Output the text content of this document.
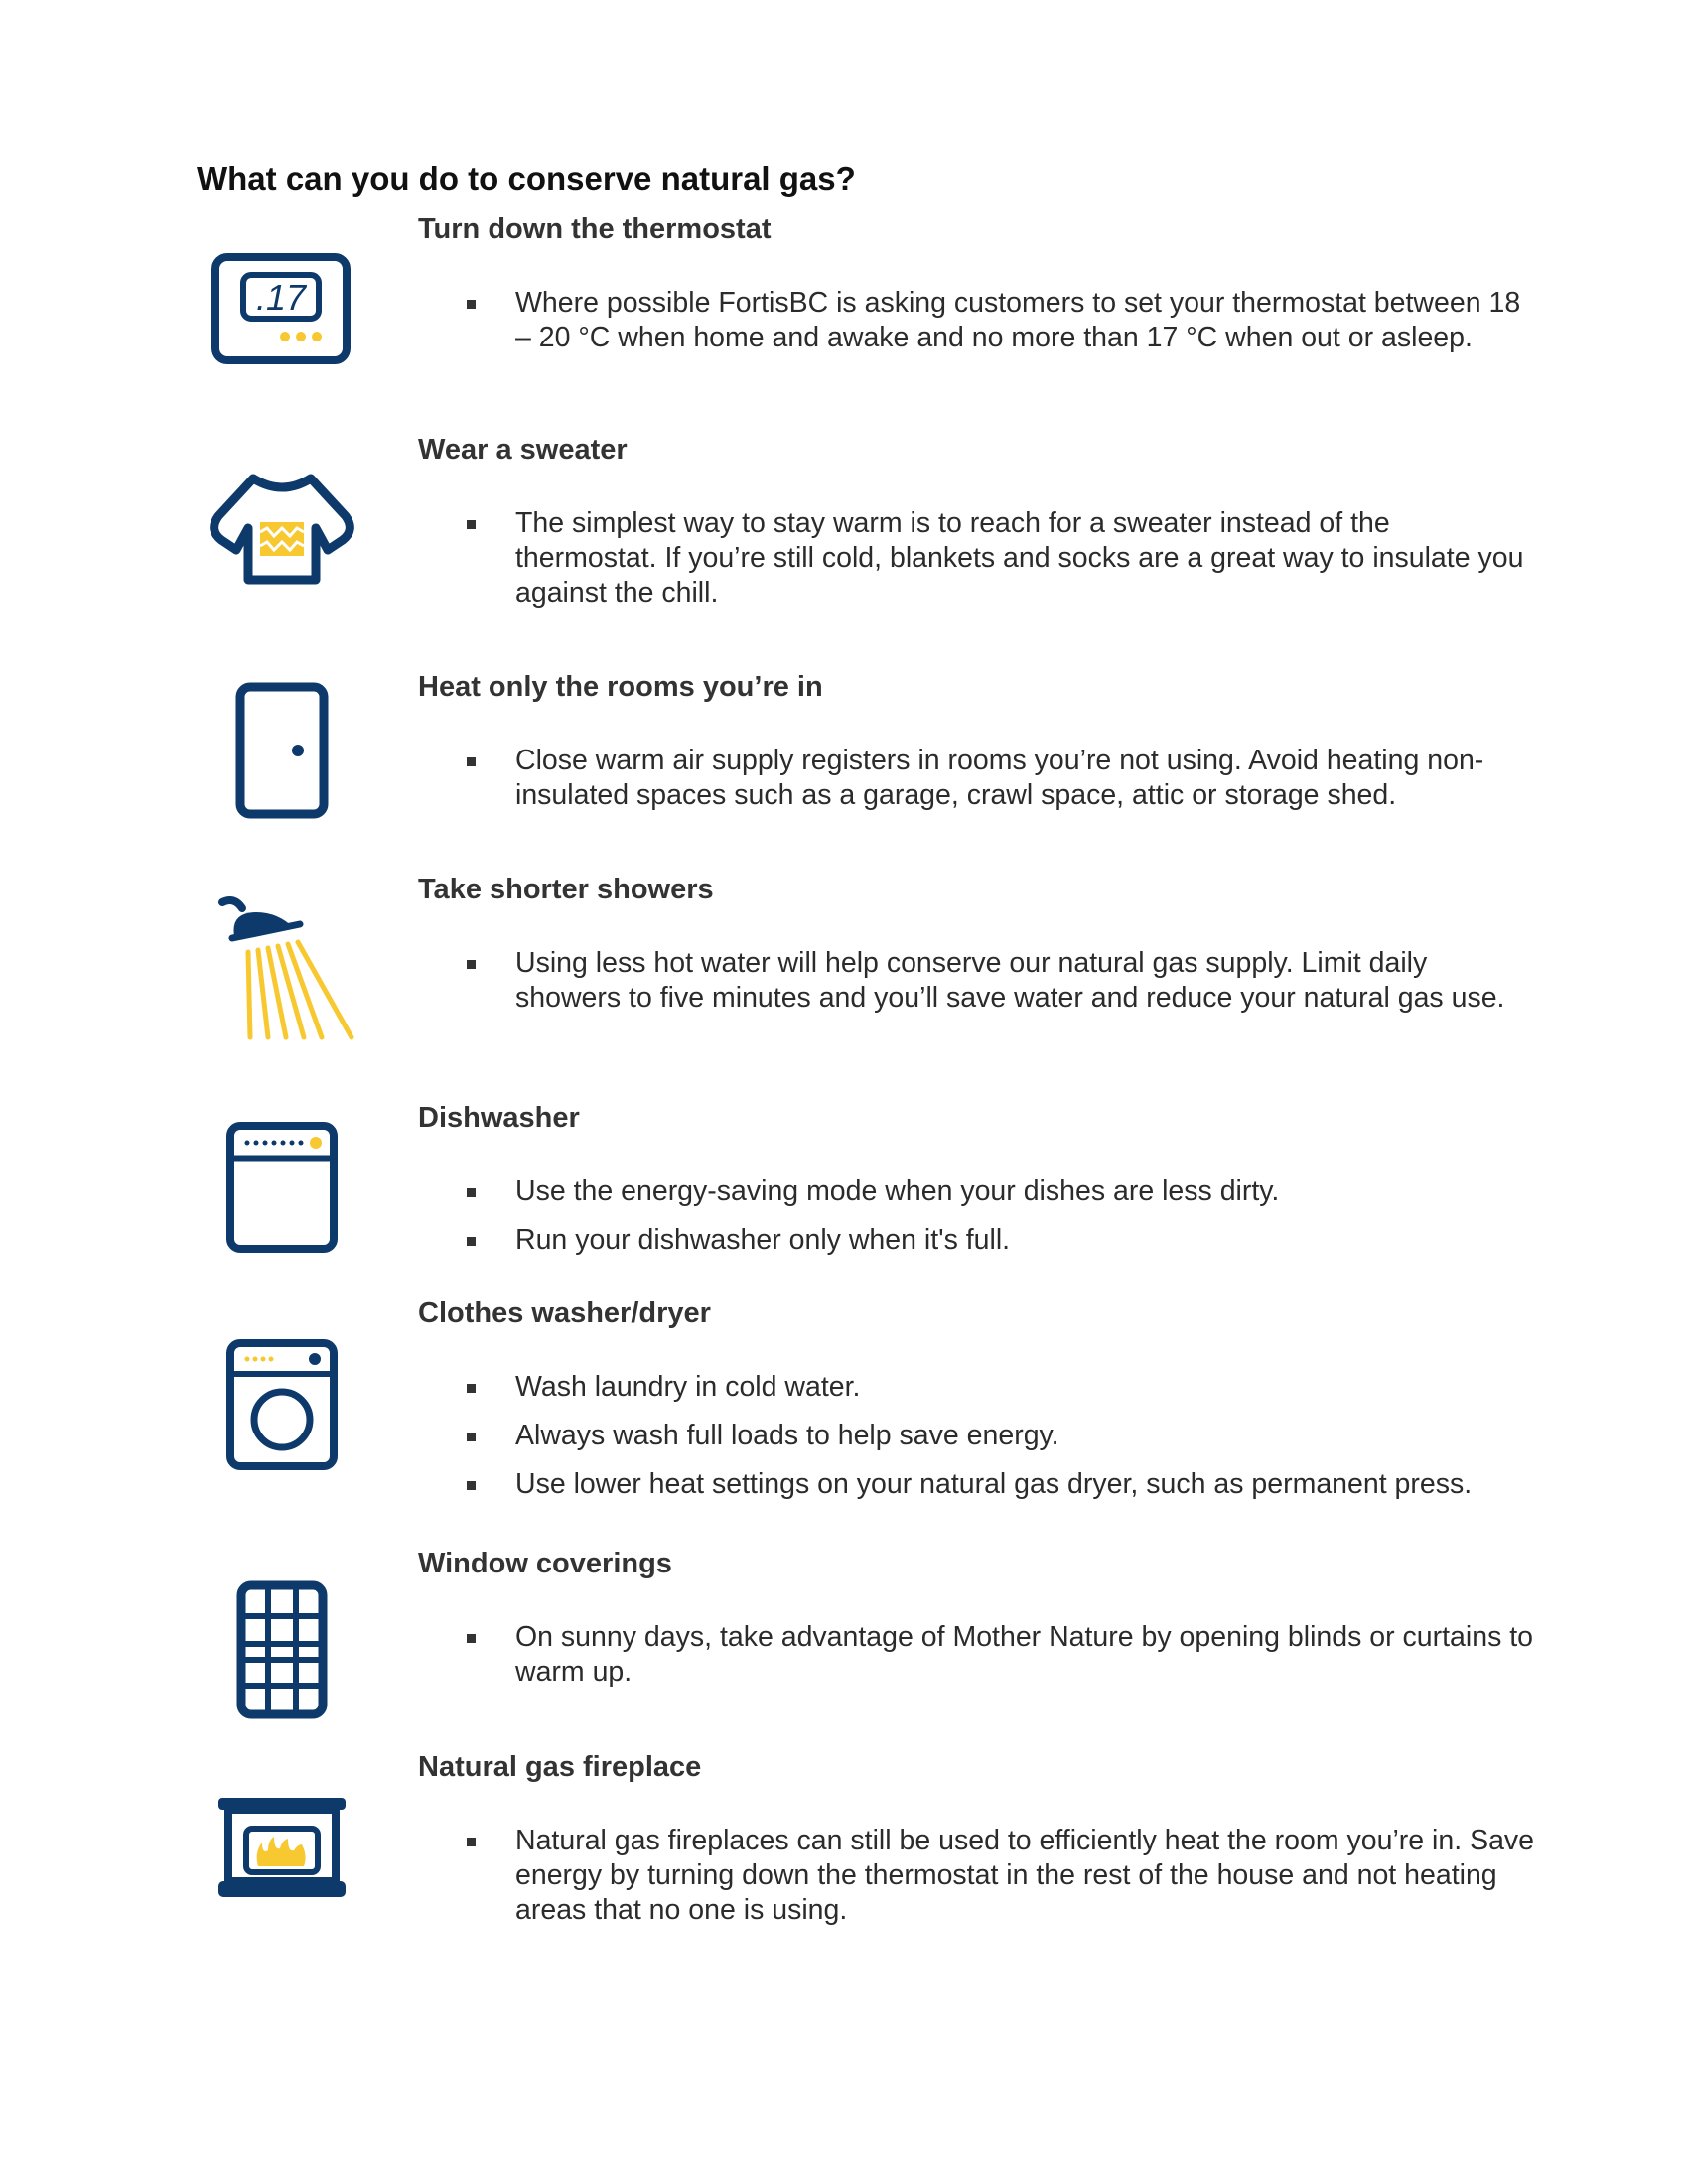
What can you do to conserve natural gas?
.17
Turn down the thermostat
Where possible FortisBC is asking customers to set your thermostat between 18 – 20 °C when home and awake and no more than 17 °C when out or asleep.
Wear a sweater
The simplest way to stay warm is to reach for a sweater instead of the thermostat. If you’re still cold, blankets and socks are a great way to insulate you against the chill.
Heat only the rooms you’re in
Close warm air supply registers in rooms you’re not using. Avoid heating non-insulated spaces such as a garage, crawl space, attic or storage shed.
Take shorter showers
Using less hot water will help conserve our natural gas supply. Limit daily showers to five minutes and you’ll save water and reduce your natural gas use.
Dishwasher
Use the energy-saving mode when your dishes are less dirty.
Run your dishwasher only when it's full.
Clothes washer/dryer
Wash laundry in cold water.
Always wash full loads to help save energy.
Use lower heat settings on your natural gas dryer, such as permanent press.
Window coverings
On sunny days, take advantage of Mother Nature by opening blinds or curtains to warm up.
Natural gas fireplace
Natural gas fireplaces can still be used to efficiently heat the room you’re in. Save energy by turning down the thermostat in the rest of the house and not heating areas that no one is using.
